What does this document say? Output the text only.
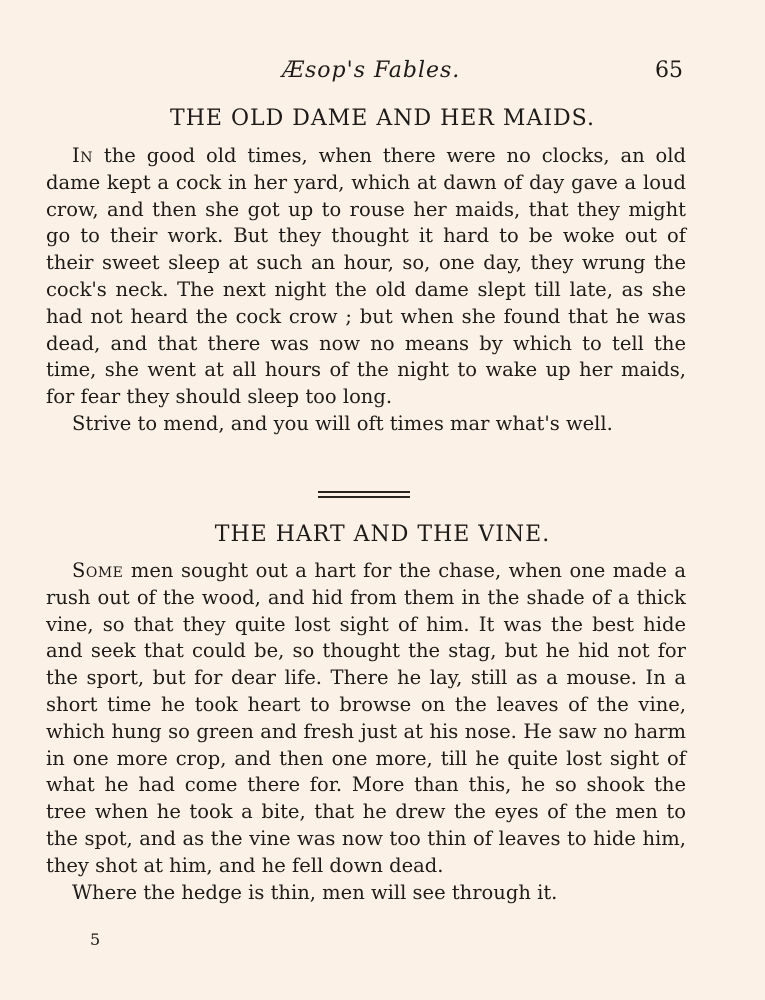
Æsop's Fables.	65
THE OLD DAME AND HER MAIDS.

In the good old times, when there were no clocks, an old dame kept a cock in her yard, which at dawn of day gave a loud crow, and then she got up to rouse her maids, that they might go to their work. But they thought it hard to be woke out of their sweet sleep at such an hour, so, one day, they wrung the cock's neck. The next night the old dame slept till late, as she had not heard the cock crow ; but when she found that he was dead, and that there was now no means by which to tell the time, she went at all hours of the night to wake up her maids, for fear they should sleep too long.

Strive to mend, and you will oft times mar what's well.

THE HART AND THE VINE.

Some men sought out a hart for the chase, when one made a rush out of the wood, and hid from them in the shade of a thick vine, so that they quite lost sight of him. It was the best hide and seek that could be, so thought the stag, but he hid not for the sport, but for dear life. There he lay, still as a mouse. In a short time he took heart to browse on the leaves of the vine, which hung so green and fresh just at his nose. He saw no harm in one more crop, and then one more, till he quite lost sight of what he had come there for. More than this, he so shook the tree when he took a bite, that he drew the eyes of the men to the spot, and as the vine was now too thin of leaves to hide him, they shot at him, and he fell down dead.

Where the hedge is thin, men will see through it.

5
